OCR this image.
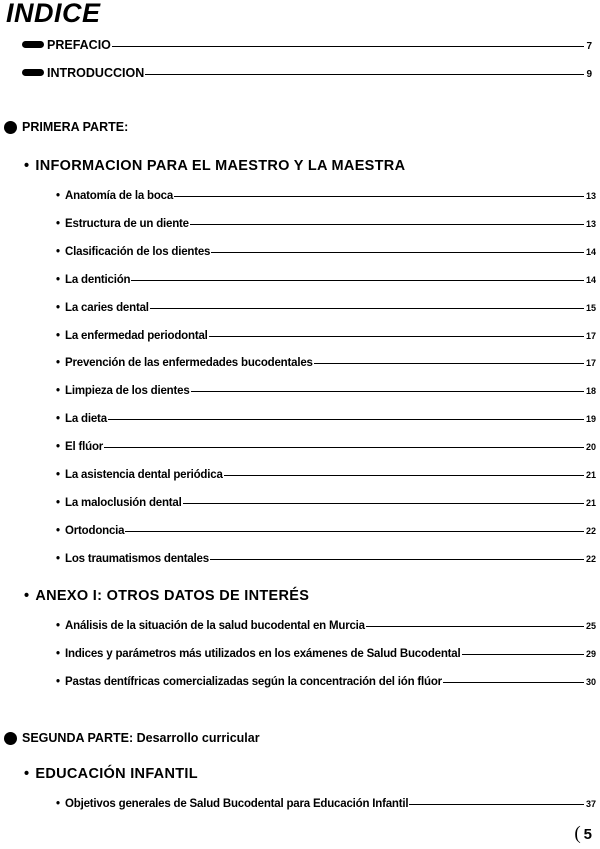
INDICE
PREFACIO	7
INTRODUCCION	9
PRIMERA PARTE:
• INFORMACION PARA EL MAESTRO Y LA MAESTRA
• Anatomía de la boca	13
• Estructura de un diente	13
• Clasificación de los dientes	14
• La dentición	14
• La caries dental	15
• La enfermedad periodontal	17
• Prevención de las enfermedades bucodentales	17
• Limpieza de los dientes	18
• La dieta	19
• El flúor	20
• La asistencia dental periódica	21
• La maloclusión dental	21
• Ortodoncia	22
• Los traumatismos dentales	22
• ANEXO I: OTROS DATOS DE INTERÉS
• Análisis de la situación de la salud bucodental en Murcia	25
• Indices y parámetros más utilizados en los exámenes de Salud Bucodental	29
• Pastas dentífricas comercializadas según la concentración del ión flúor	30
SEGUNDA PARTE:
Desarrollo curricular
• EDUCACIÓN INFANTIL
• Objetivos generales de Salud Bucodental para Educación Infantil	37
( 5
